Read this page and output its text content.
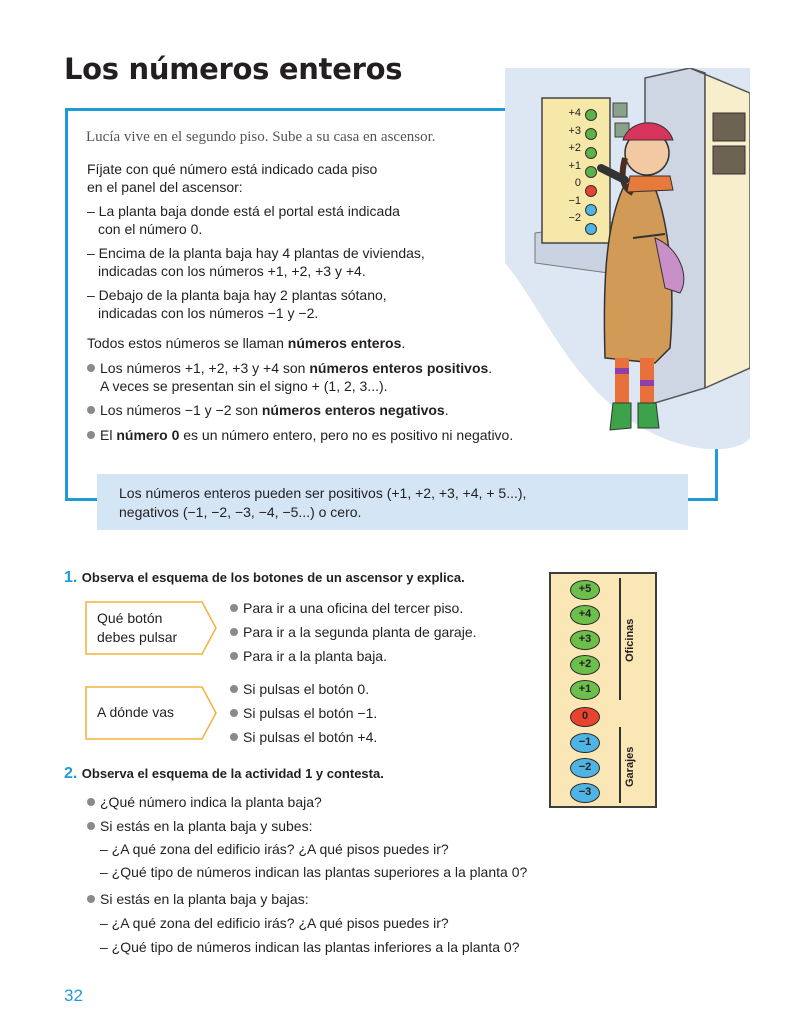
Los números enteros
+4
+3
+2
+1
0
−1
−2
Lucía vive en el segundo piso. Sube a su casa en ascensor.
Fíjate con qué número está indicado cada piso
en el panel del ascensor:
– La planta baja donde está el portal está indicada
con el número 0.
– Encima de la planta baja hay 4 plantas de viviendas,
indicadas con los números +1, +2, +3 y +4.
– Debajo de la planta baja hay 2 plantas sótano,
indicadas con los números −1 y −2.
Todos estos números se llaman números enteros.
Los números +1, +2, +3 y +4 son números enteros positivos.
A veces se presentan sin el signo + (1, 2, 3...).
Los números −1 y −2 son números enteros negativos.
El número 0 es un número entero, pero no es positivo ni negativo.

Los números enteros pueden ser positivos (+1, +2, +3, +4, + 5...),
negativos (−1, −2, −3, −4, −5...) o cero.

1. Observa el esquema de los botones de un ascensor y explica.
Qué botón
debes pulsar
Para ir a una oficina del tercer piso.
Para ir a la segunda planta de garaje.
Para ir a la planta baja.
A dónde vas
Si pulsas el botón 0.
Si pulsas el botón −1.
Si pulsas el botón +4.
+5
+4
+3
+2
+1
0
−1
−2
−3
Oficinas
Garajes
2. Observa el esquema de la actividad 1 y contesta.
¿Qué número indica la planta baja?
Si estás en la planta baja y subes:
– ¿A qué zona del edificio irás? ¿A qué pisos puedes ir?
– ¿Qué tipo de números indican las plantas superiores a la planta 0?
Si estás en la planta baja y bajas:
– ¿A qué zona del edificio irás? ¿A qué pisos puedes ir?
– ¿Qué tipo de números indican las plantas inferiores a la planta 0?
32
